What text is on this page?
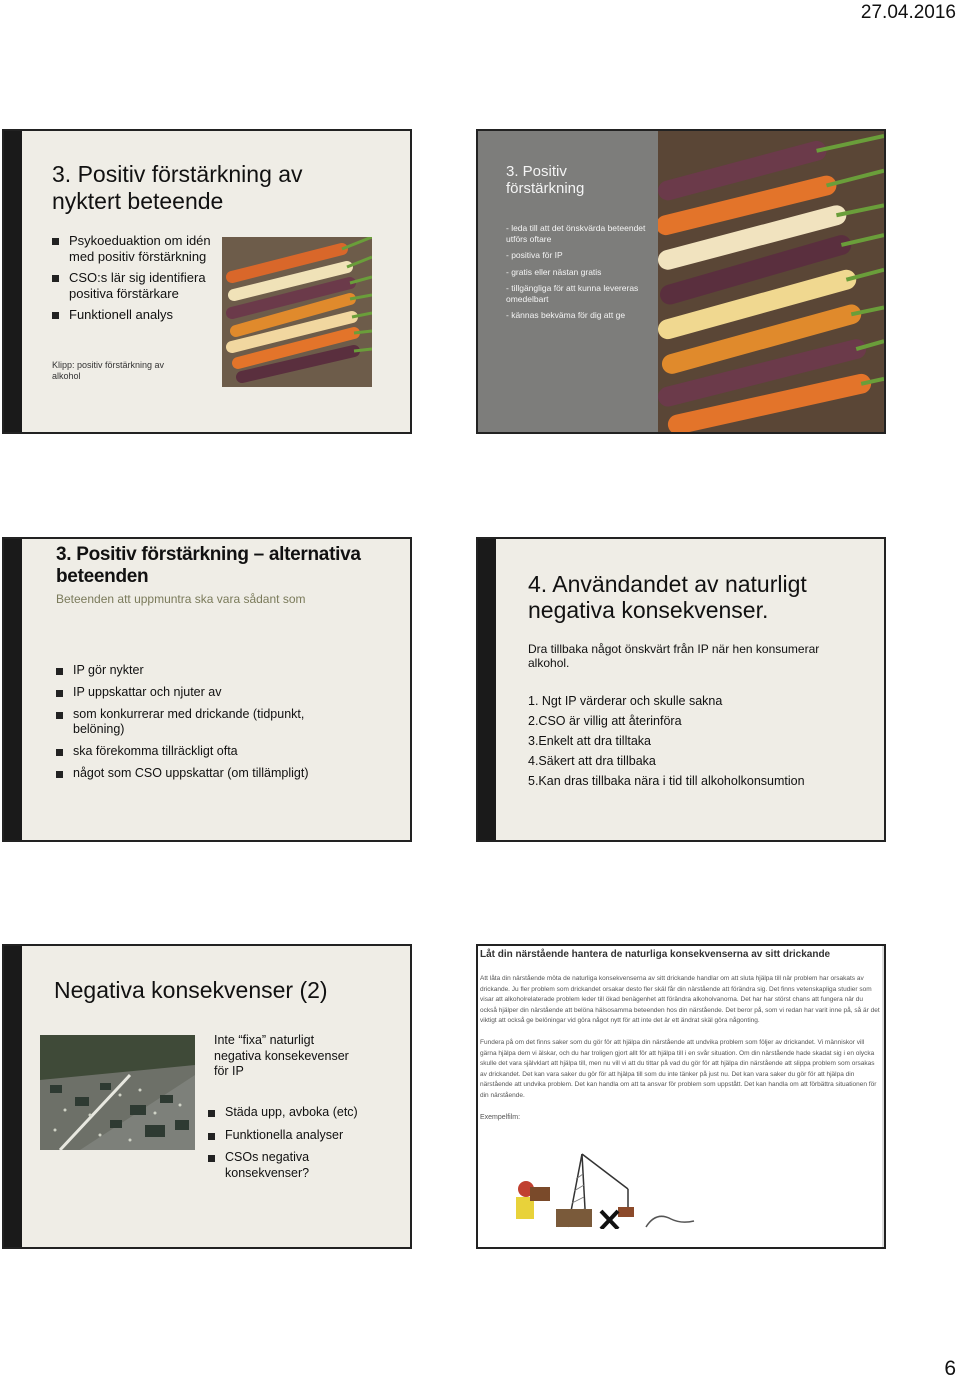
27.04.2016
3. Positiv förstärkning av nyktert beteende
Psykoeduaktion om idén med positiv förstärkning
CSO:s lär sig identifiera positiva förstärkare
Funktionell analys
Klipp: positiv förstärkning av alkohol
3. Positiv förstärkning
- leda till att det önskvärda beteendet utförs oftare
- positiva för IP
- gratis eller nästan gratis
- tillgängliga för att kunna levereras omedelbart
- kännas bekväma för dig att ge
3. Positiv förstärkning – alternativa beteenden
Beteenden att uppmuntra ska vara sådant som
IP gör nykter
IP uppskattar och njuter av
som konkurrerar med drickande (tidpunkt, belöning)
ska förekomma tillräckligt ofta
något som CSO uppskattar (om tillämpligt)
4. Användandet av naturligt negativa konsekvenser.
Dra tillbaka något önskvärt från IP när hen konsumerar alkohol.
1. Ngt IP värderar och skulle sakna
2.CSO är villig att återinföra
3.Enkelt att dra tilltaka
4.Säkert att dra tillbaka
5.Kan dras tillbaka nära i tid till alkoholkonsumtion
Negativa konsekvenser (2)
Inte “fixa” naturligt negativa konsekevenser för IP
Städa upp, avboka (etc)
Funktionella analyser
CSOs negativa konsekvenser?
Låt din närstående hantera de naturliga konsekvenserna av sitt drickande
Att låta din närstående möta de naturliga konsekvenserna av sitt drickande handlar om att sluta hjälpa till när problem har orsakats av drickande. Ju fler problem som drickandet orsakar desto fler skäl får din närstående att förändra sig. Det finns vetenskapliga studier som visar att alkoholrelaterade problem leder till ökad benägenhet att förändra alkoholvanorna. Det har har störst chans att fungera när du också hjälper din närstående att belöna hälsosamma beteenden hos din närstående. Det beror på, som vi redan har varit inne på, så är det viktigt att också ge belöningar vid göra något nytt för att inte det är ett ändrat skäl göra någonting.
Fundera på om det finns saker som du gör för att hjälpa din närstående att undvika problem som följer av drickandet. Vi människor vill gärna hjälpa dem vi älskar, och du har troligen gjort allt för att hjälpa till i en svår situation. Om din närstående hade skadat sig i en olycka skulle det vara självklart att hjälpa till, men nu vill vi att du tittar på vad du gör för att hjälpa din närstående att slippa problem som orsakas av drickandet. Det kan vara saker du gör för att hjälpa till som du inte tänker på just nu. Det kan vara saker du gör för att hjälpa din närstående att undvika problem. Det kan handla om att ta ansvar för problem som uppstått. Det kan handla om att förbättra situationen för din närstående.
Exempelfilm:
6
